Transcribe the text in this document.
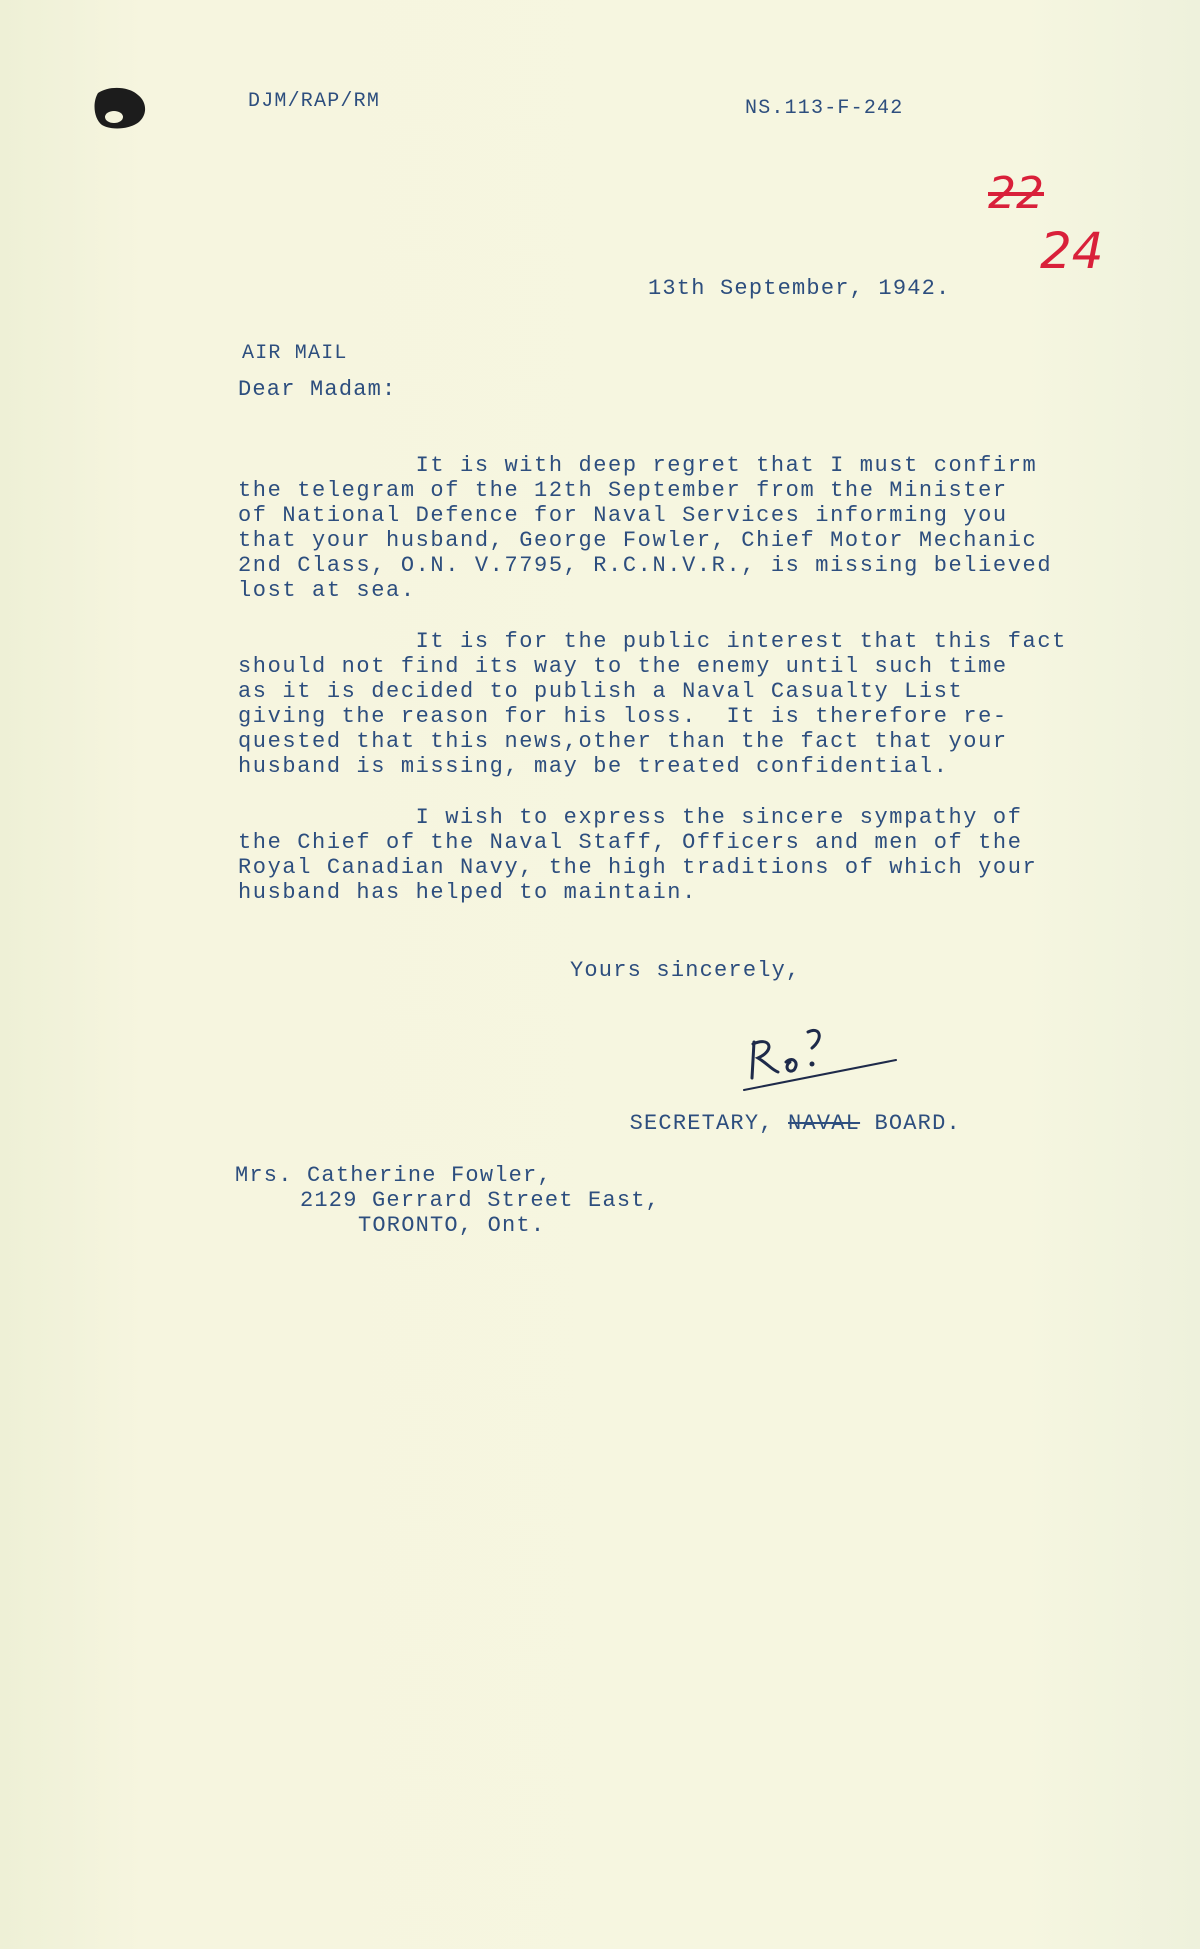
DJM/RAP/RM	NS.113-F-242
22
24
13th September, 1942.
AIR MAIL
Dear Madam:
It is with deep regret that I must confirm
the telegram of the 12th September from the Minister
of National Defence for Naval Services informing you
that your husband, George Fowler, Chief Motor Mechanic
2nd Class, O.N. V.7795, R.C.N.V.R., is missing believed
lost at sea.
It is for the public interest that this fact
should not find its way to the enemy until such time
as it is decided to publish a Naval Casualty List
giving the reason for his loss.  It is therefore re-
quested that this news,other than the fact that your
husband is missing, may be treated confidential.
I wish to express the sincere sympathy of
the Chief of the Naval Staff, Officers and men of the
Royal Canadian Navy, the high traditions of which your
husband has helped to maintain.
Yours sincerely,

SECRETARY, NAVAL BOARD.

Mrs. Catherine Fowler,
2129 Gerrard Street East,
TORONTO, Ont.
